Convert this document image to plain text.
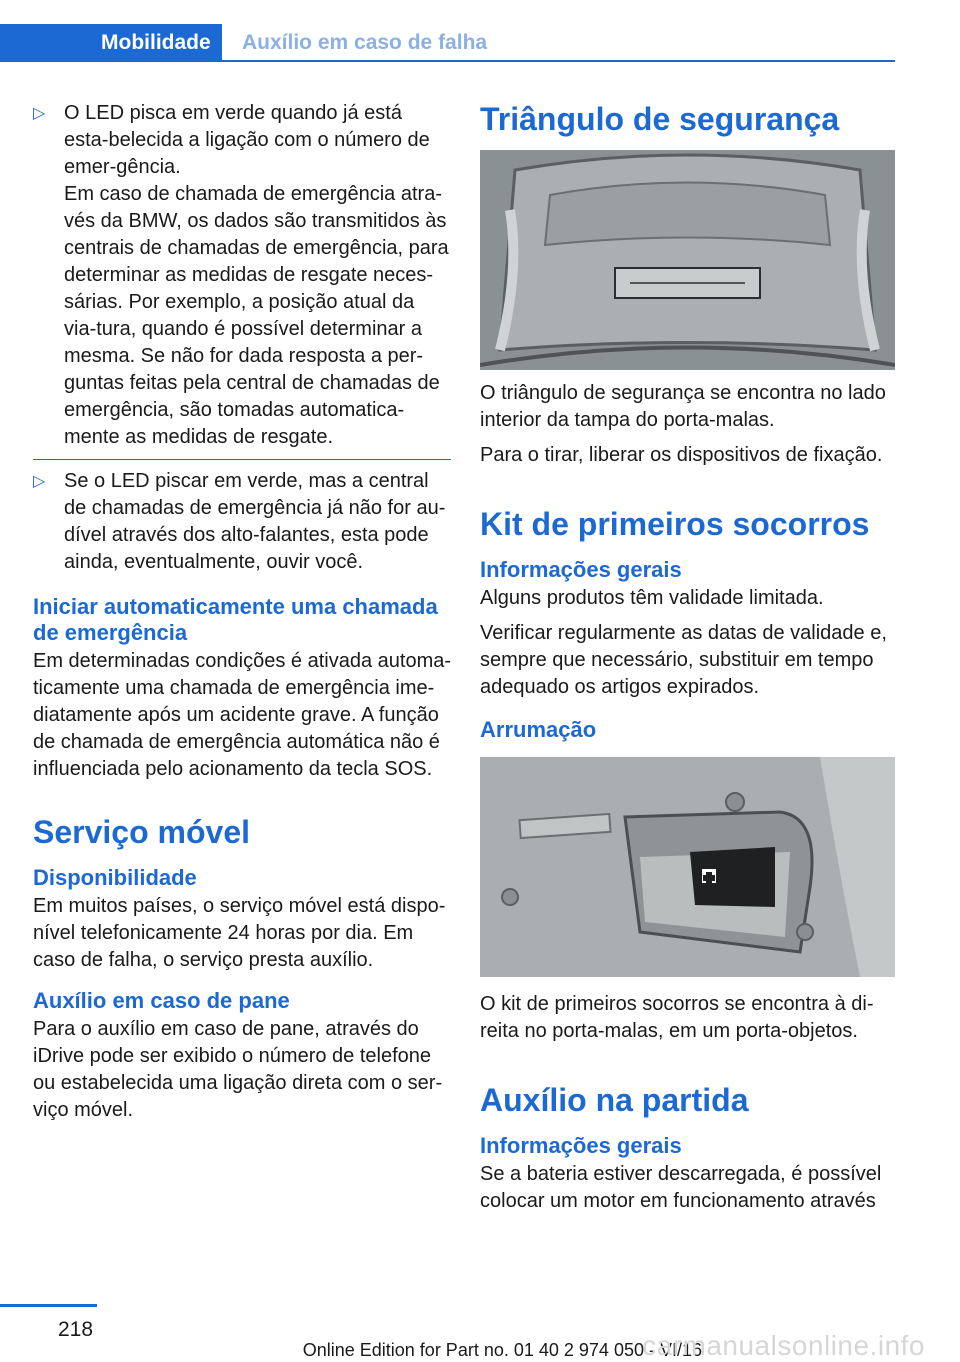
Mobilidade	Auxílio em caso de falha
▷ O LED pisca em verde quando já está esta-belecida a ligação com o número de emer-gência.

Em caso de chamada de emergência atra-vés da BMW, os dados são transmitidos às centrais de chamadas de emergência, para determinar as medidas de resgate neces-sárias. Por exemplo, a posição atual da via-tura, quando é possível determinar a mesma. Se não for dada resposta a per-guntas feitas pela central de chamadas de emergência, são tomadas automatica-mente as medidas de resgate.

▷ Se o LED piscar em verde, mas a central de chamadas de emergência já não for au-dível através dos alto-falantes, esta pode ainda, eventualmente, ouvir você.

Iniciar automaticamente uma chamada de emergência

Em determinadas condições é ativada automa-ticamente uma chamada de emergência ime-diatamente após um acidente grave. A função de chamada de emergência automática não é influenciada pelo acionamento da tecla SOS.

Serviço móvel
Disponibilidade

Em muitos países, o serviço móvel está dispo-nível telefonicamente 24 horas por dia. Em caso de falha, o serviço presta auxílio.

Auxílio em caso de pane

Para o auxílio em caso de pane, através do iDrive pode ser exibido o número de telefone ou estabelecida uma ligação direta com o ser-viço móvel.

Triângulo de segurança

O triângulo de segurança se encontra no lado interior da tampa do porta-malas.

Para o tirar, liberar os dispositivos de fixação.

Kit de primeiros socorros
Informações gerais

Alguns produtos têm validade limitada.

Verificar regularmente as datas de validade e, sempre que necessário, substituir em tempo adequado os artigos expirados.

Arrumação

O kit de primeiros socorros se encontra à di-reita no porta-malas, em um porta-objetos.

Auxílio na partida
Informações gerais

Se a bateria estiver descarregada, é possível colocar um motor em funcionamento através

218
Online Edition for Part no. 01 40 2 974 050 - VI/16
carmanualsonline.info
